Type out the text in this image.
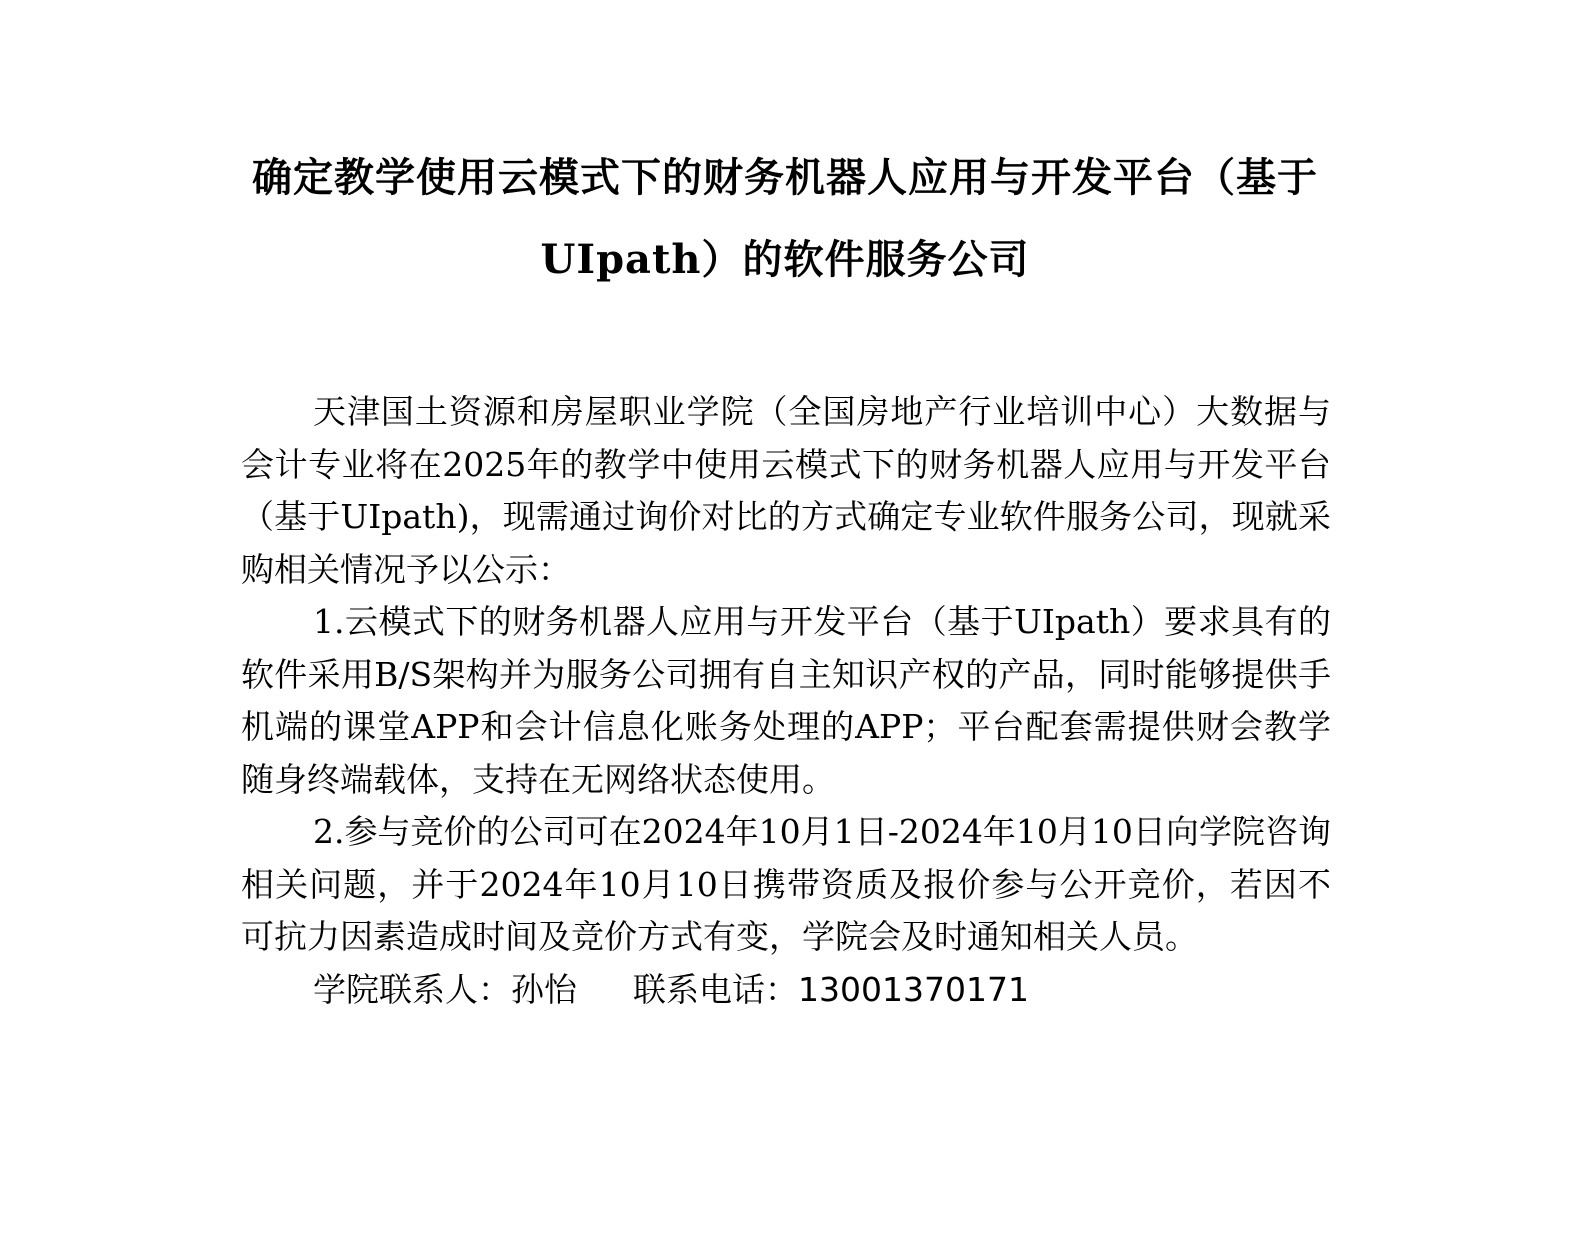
确定教学使用云模式下的财务机器人应用与开发平台（基于
UIpath）的软件服务公司

天津国土资源和房屋职业学院（全国房地产行业培训中心）大数据与会计专业将在2025年的教学中使用云模式下的财务机器人应用与开发平台（基于UIpath)，现需通过询价对比的方式确定专业软件服务公司，现就采购相关情况予以公示：

1.云模式下的财务机器人应用与开发平台（基于UIpath）要求具有的软件采用B/S架构并为服务公司拥有自主知识产权的产品，同时能够提供手机端的课堂APP和会计信息化账务处理的APP；平台配套需提供财会教学随身终端载体，支持在无网络状态使用。

2.参与竞价的公司可在2024年10月1日-2024年10月10日向学院咨询相关问题，并于2024年10月10日携带资质及报价参与公开竞价，若因不可抗力因素造成时间及竞价方式有变，学院会及时通知相关人员。

学院联系人：孙怡 联系电话：13001370171
